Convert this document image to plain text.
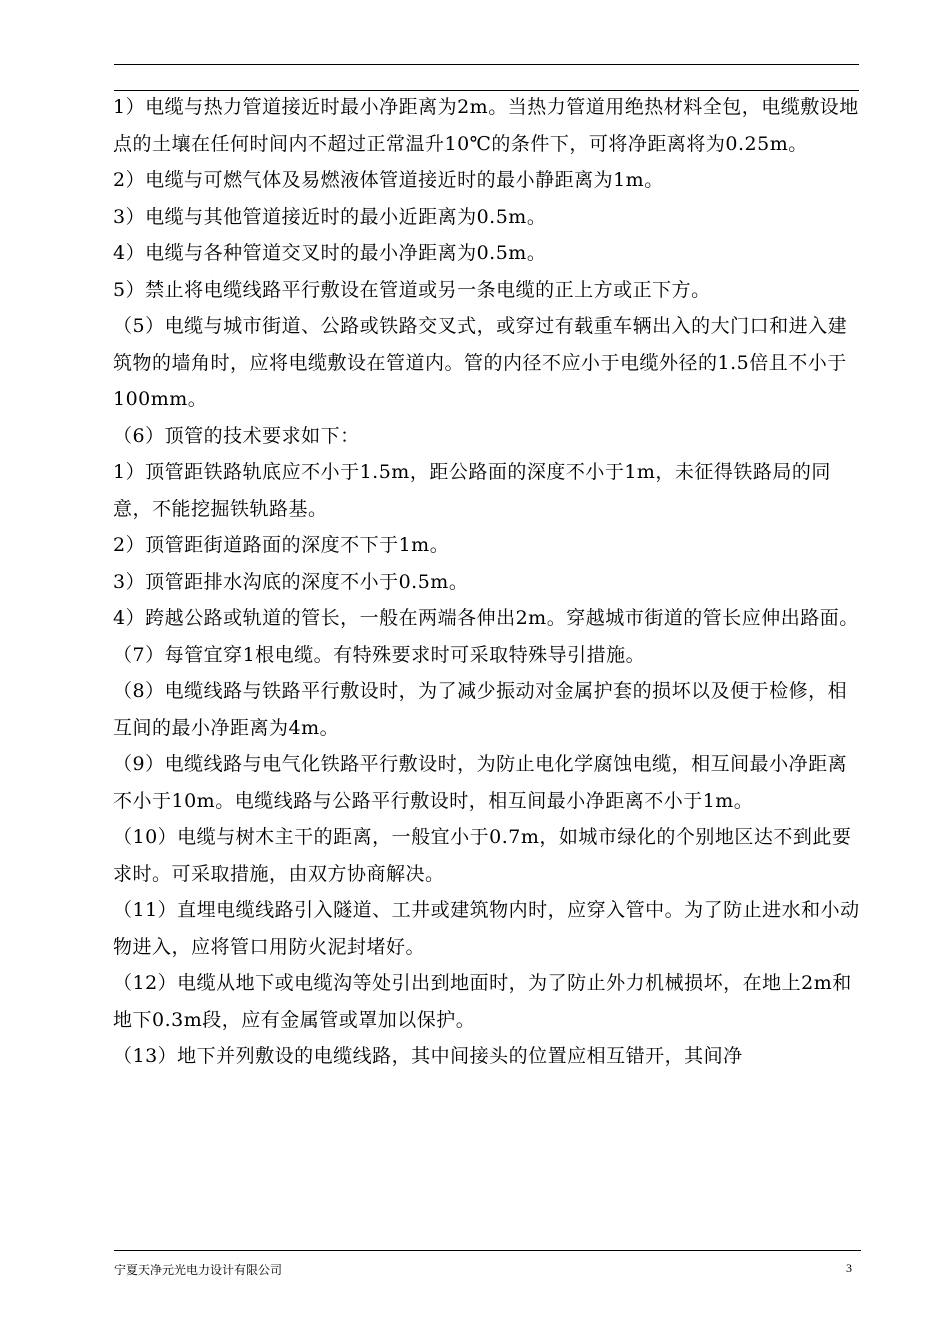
1）电缆与热力管道接近时最小净距离为2m。当热力管道用绝热材料全包，电缆敷设地点的土壤在任何时间内不超过正常温升10℃的条件下，可将净距离将为0.25m。

2）电缆与可燃气体及易燃液体管道接近时的最小静距离为1m。

3）电缆与其他管道接近时的最小近距离为0.5m。

4）电缆与各种管道交叉时的最小净距离为0.5m。

5）禁止将电缆线路平行敷设在管道或另一条电缆的正上方或正下方。

（5）电缆与城市街道、公路或铁路交叉式，或穿过有载重车辆出入的大门口和进入建筑物的墙角时，应将电缆敷设在管道内。管的内径不应小于电缆外径的1.5倍且不小于100mm。

（6）顶管的技术要求如下：

1）顶管距铁路轨底应不小于1.5m，距公路面的深度不小于1m，未征得铁路局的同意，不能挖掘铁轨路基。

2）顶管距街道路面的深度不下于1m。

3）顶管距排水沟底的深度不小于0.5m。

4）跨越公路或轨道的管长，一般在两端各伸出2m。穿越城市街道的管长应伸出路面。

（7）每管宜穿1根电缆。有特殊要求时可采取特殊导引措施。

（8）电缆线路与铁路平行敷设时，为了减少振动对金属护套的损坏以及便于检修，相互间的最小净距离为4m。

（9）电缆线路与电气化铁路平行敷设时，为防止电化学腐蚀电缆，相互间最小净距离不小于10m。电缆线路与公路平行敷设时，相互间最小净距离不小于1m。

（10）电缆与树木主干的距离，一般宜小于0.7m，如城市绿化的个别地区达不到此要求时。可采取措施，由双方协商解决。

（11）直埋电缆线路引入隧道、工井或建筑物内时，应穿入管中。为了防止进水和小动物进入，应将管口用防火泥封堵好。

（12）电缆从地下或电缆沟等处引出到地面时，为了防止外力机械损坏，在地上2m和地下0.3m段，应有金属管或罩加以保护。

（13）地下并列敷设的电缆线路，其中间接头的位置应相互错开，其间净

宁夏天净元光电力设计有限公司	3
